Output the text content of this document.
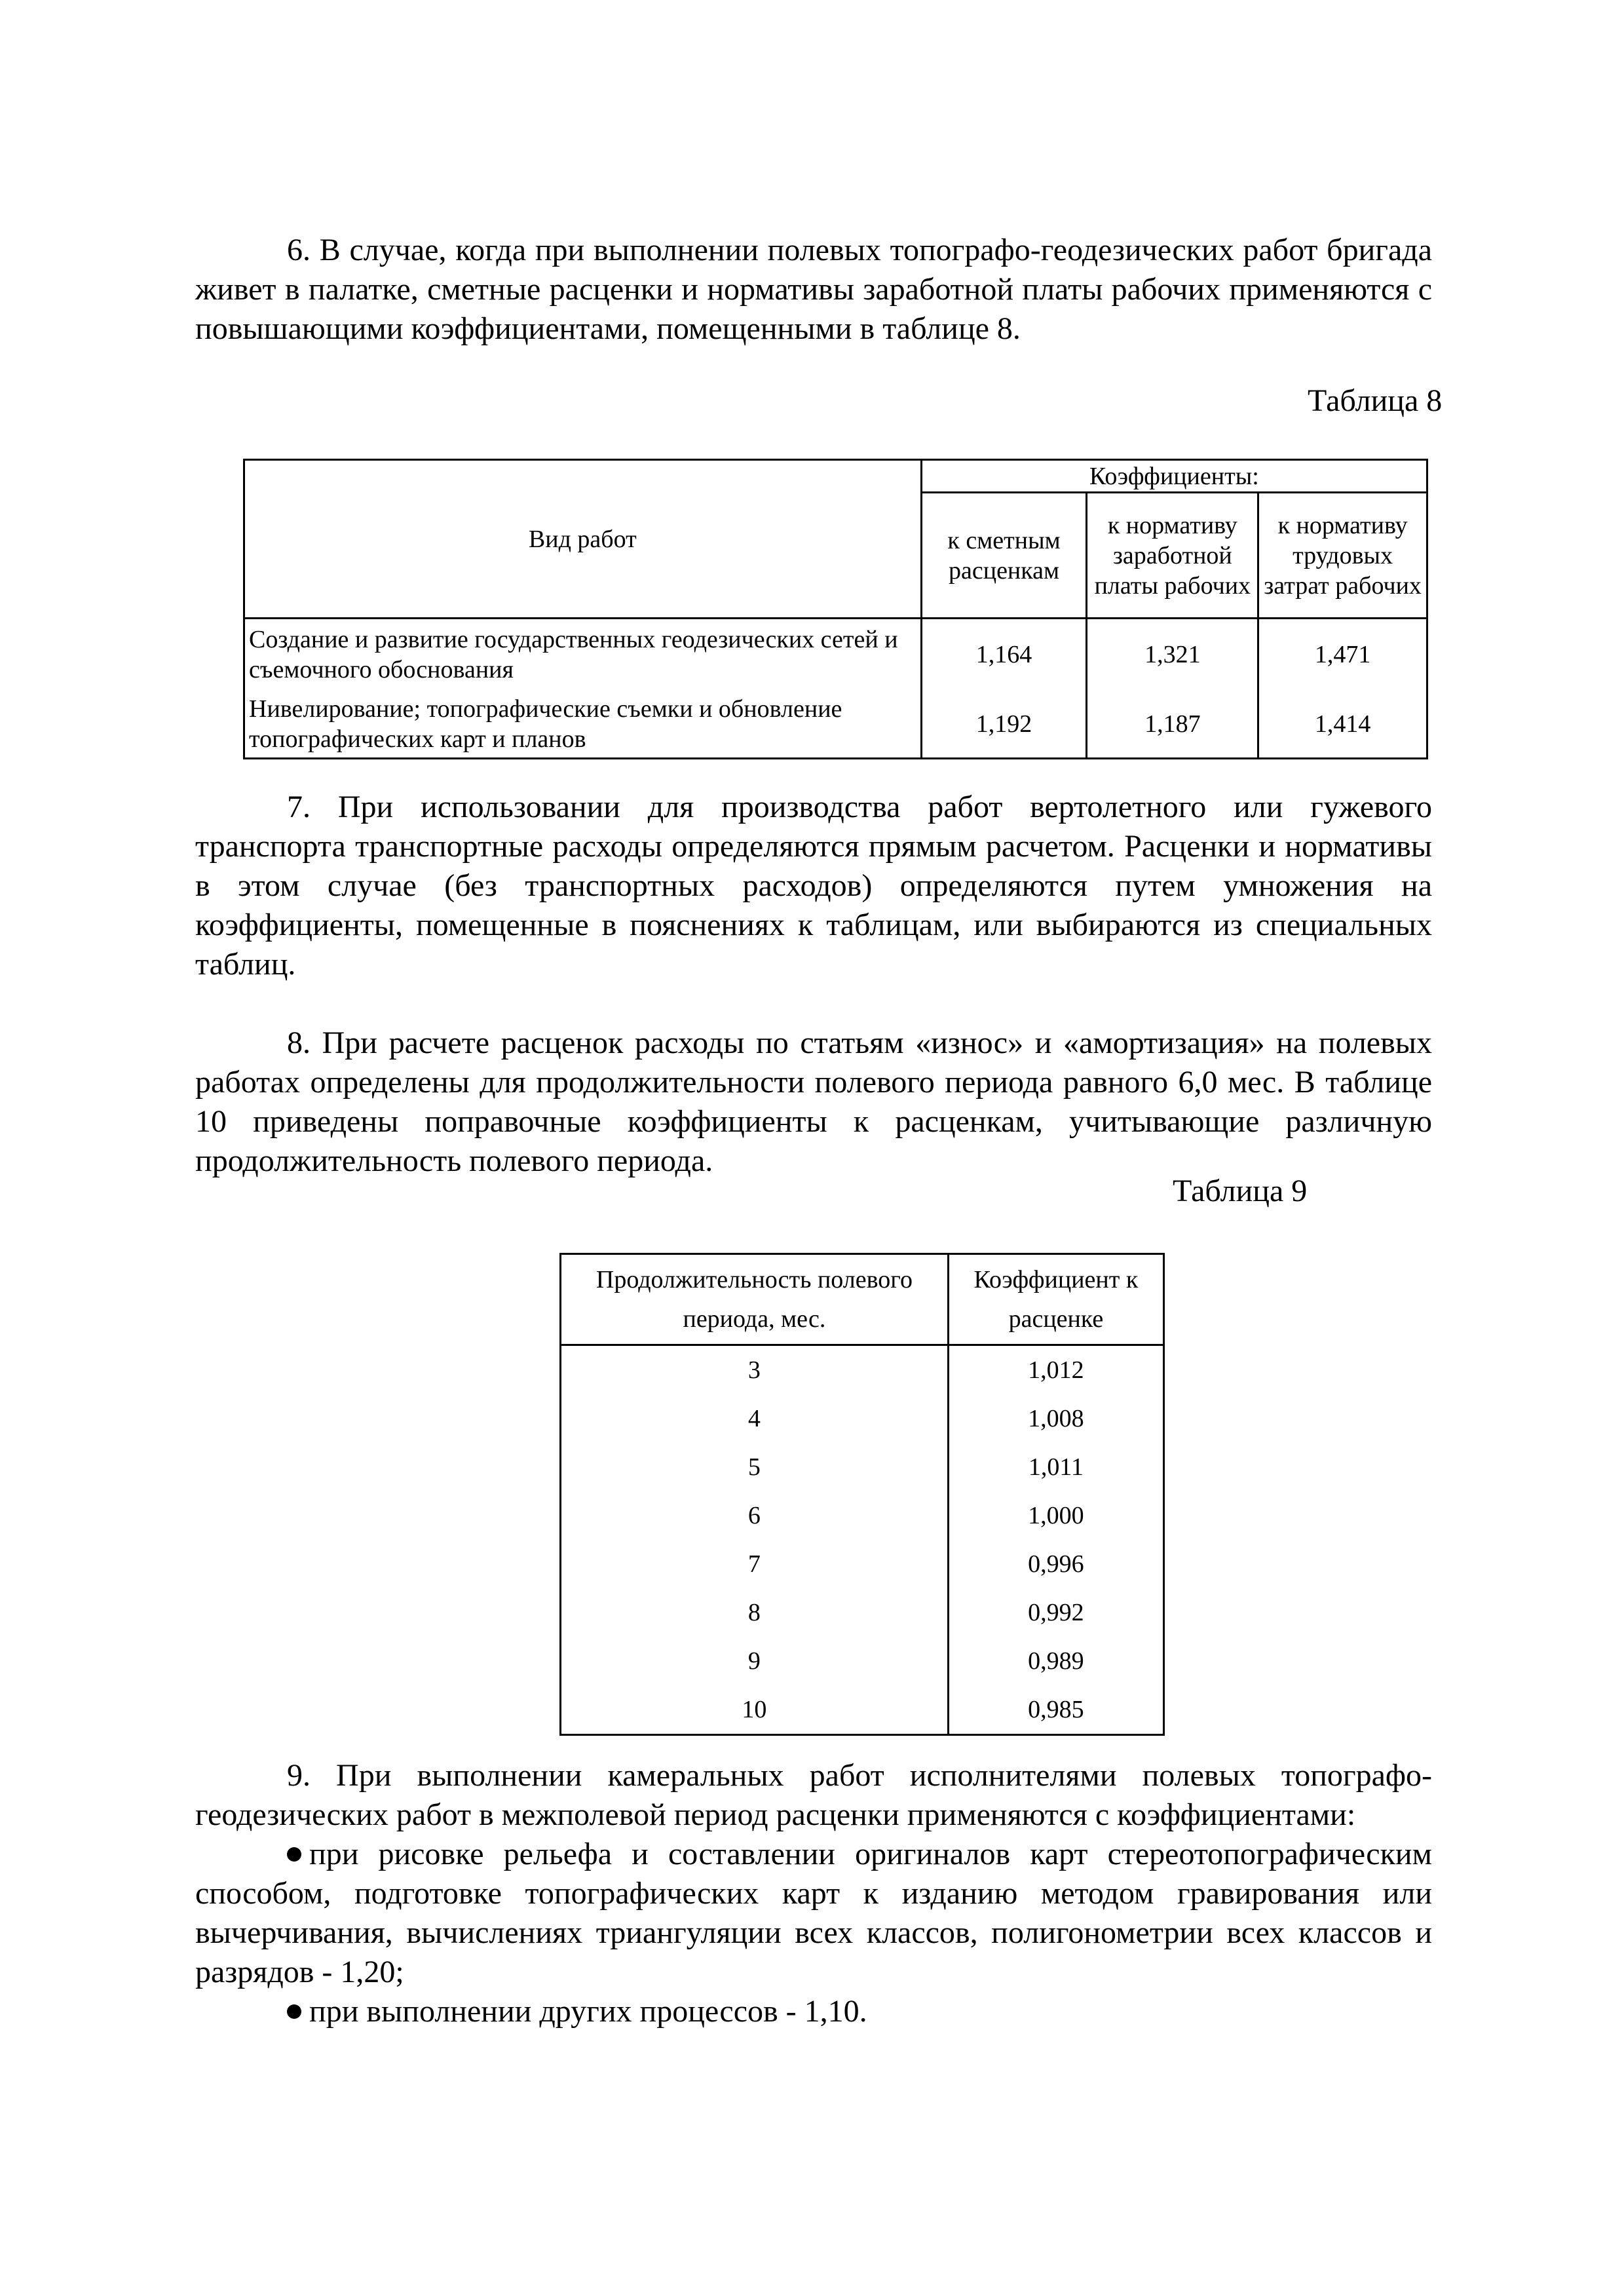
6. В случае, когда при выполнении полевых топографо-геодезических работ бригада живет в палатке, сметные расценки и нормативы заработной платы рабочих применяются с повышающими коэффициентами, помещенными в таблице 8.

Таблица 8

Вид работ	Коэффициенты:		
	к сметным расценкам	к нормативу заработной платы рабочих	к нормативу трудовых затрат рабочих
Создание и развитие государственных геодезических сетей и съемочного обоснования	1,164	1,321	1,471
Нивелирование; топографические съемки и обновление топографических карт и планов	1,192	1,187	1,414

7. При использовании для производства работ вертолетного или гужевого транспорта транспортные расходы определяются прямым расчетом. Расценки и нормативы в этом случае (без транспортных расходов) определяются путем умножения на коэффициенты, помещенные в пояснениях к таблицам, или выбираются из специальных таблиц.

8. При расчете расценок расходы по статьям «износ» и «амортизация» на полевых работах определены для продолжительности полевого периода равного 6,0 мес. В таблице 10 приведены поправочные коэффициенты к расценкам, учитывающие различную продолжительность полевого периода.

Таблица 9

Продолжительность полевого периода, мес.	Коэффициент к расценке
3	1,012
4	1,008
5	1,011
6	1,000
7	0,996
8	0,992
9	0,989
10	0,985

9. При выполнении камеральных работ исполнителями полевых топографо-геодезических работ в межполевой период расценки применяются с коэффициентами:

при рисовке рельефа и составлении оригиналов карт стереотопографическим способом, подготовке топографических карт к изданию методом гравирования или вычерчивания, вычислениях триангуляции всех классов, полигонометрии всех классов и разрядов - 1,20;

при выполнении других процессов - 1,10.
